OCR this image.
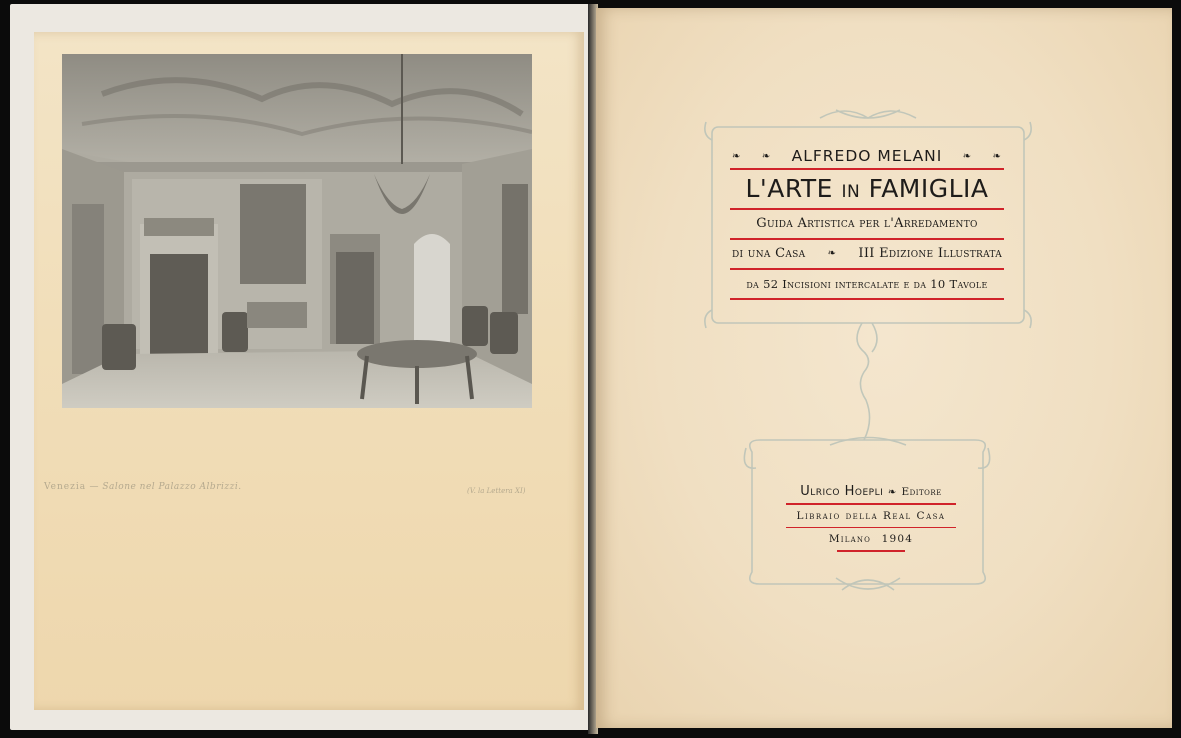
Venezia — Salone nel Palazzo Albrizzi.	(V. la Lettera XI)
❧ ❧ ALFREDO MELANI ❧ ❧
L'ARTE IN FAMIGLIA
Guida Artistica per l'Arredamento
di una Casa ❧ III Edizione Illustrata
da 52 Incisioni intercalate e da 10 Tavole
Ulrico Hoepli ❧ Editore
Libraio della Real Casa
Milano 1904
